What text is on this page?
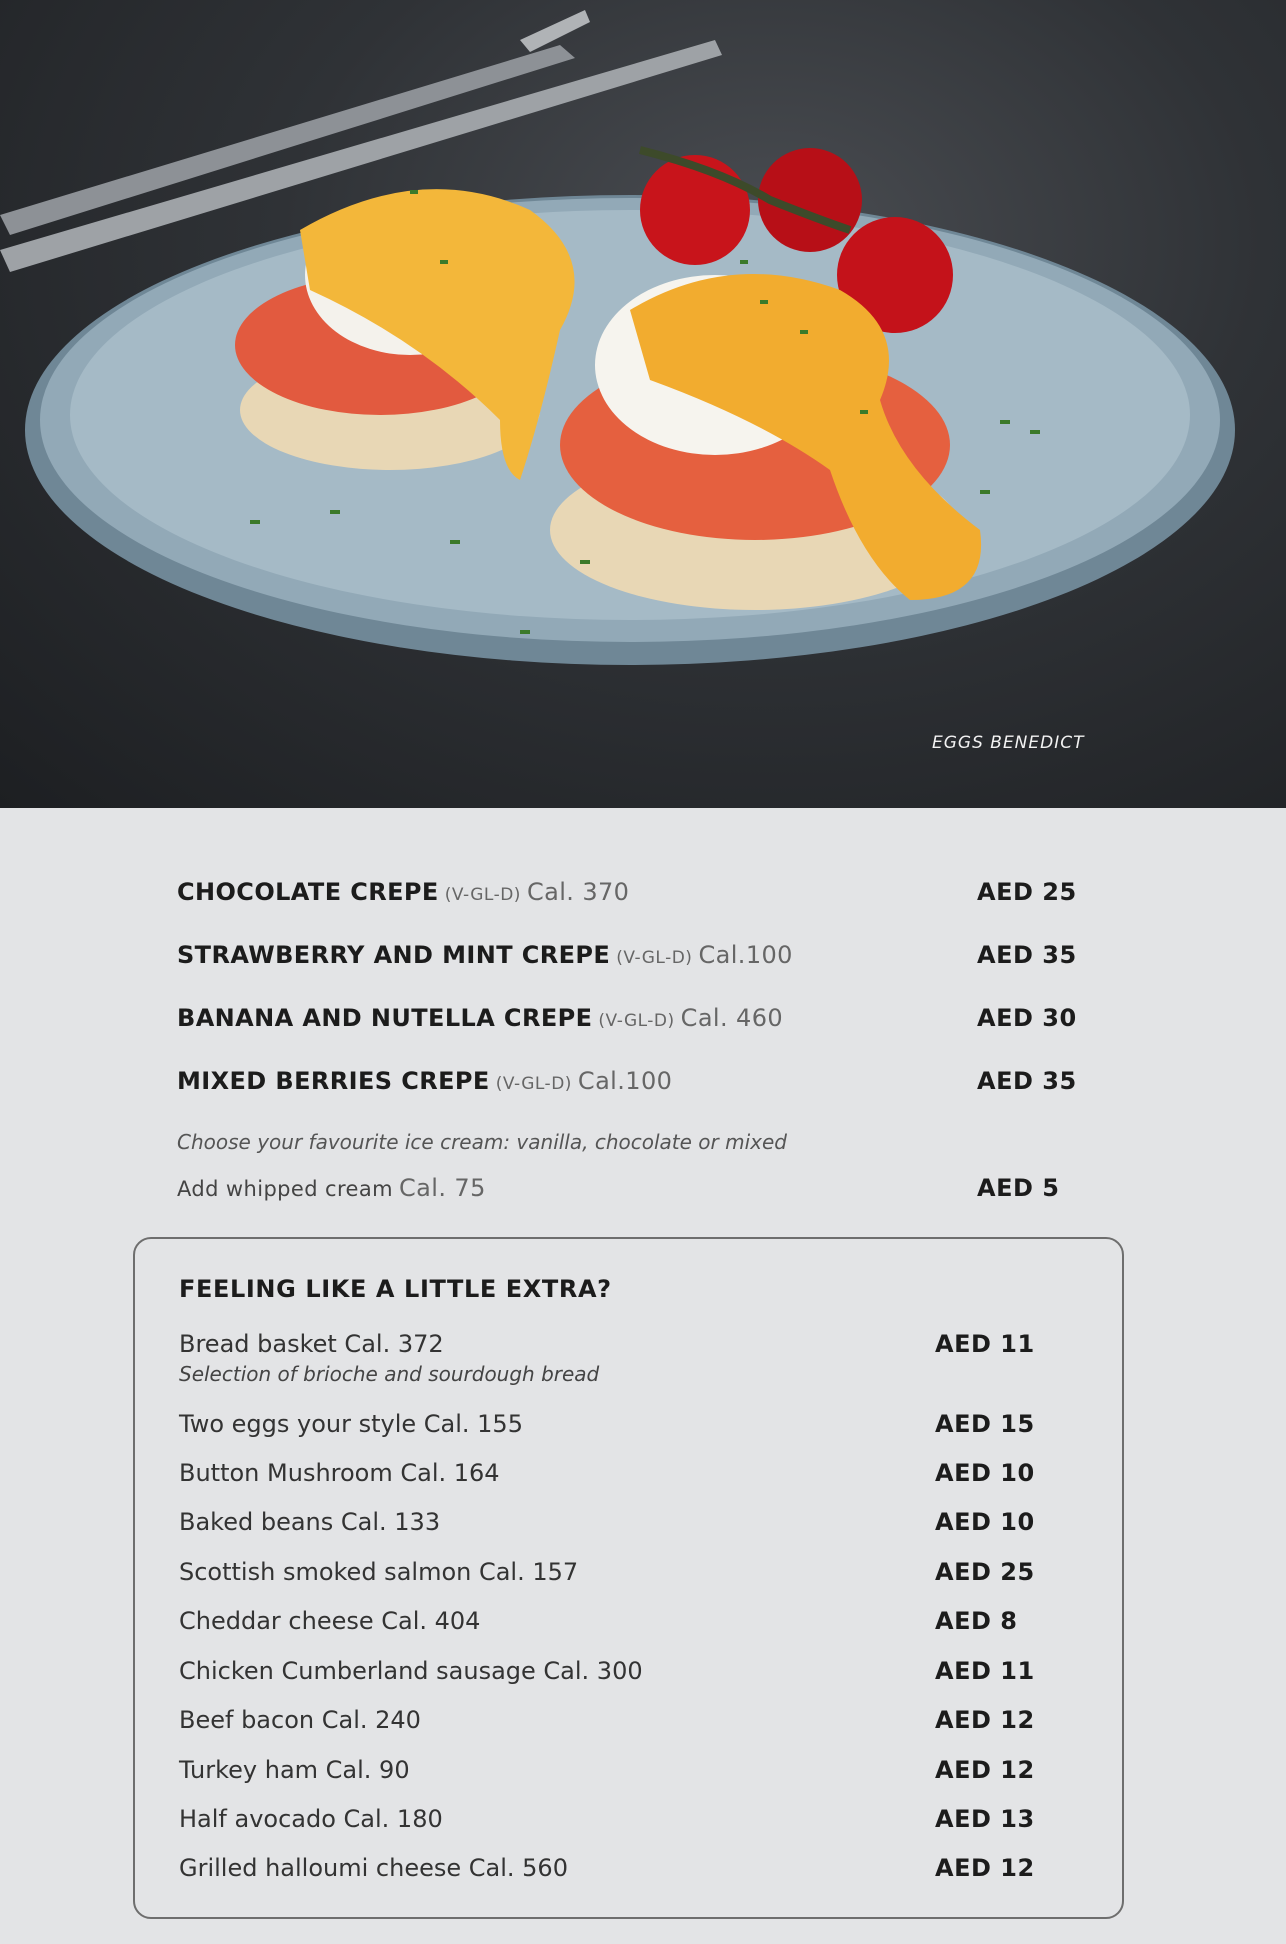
EGGS BENEDICT
CHOCOLATE CREPE (V-GL-D) Cal. 370	AED 25
STRAWBERRY AND MINT CREPE (V-GL-D) Cal.100	AED 35
BANANA AND NUTELLA CREPE (V-GL-D) Cal. 460	AED 30
MIXED BERRIES CREPE (V-GL-D) Cal.100	AED 35
Choose your favourite ice cream: vanilla, chocolate or mixed
Add whipped cream Cal. 75	AED 5
FEELING LIKE A LITTLE EXTRA?
Bread basket Cal. 372	AED 11
Selection of brioche and sourdough bread
Two eggs your style Cal. 155	AED 15
Button Mushroom Cal. 164	AED 10
Baked beans Cal. 133	AED 10
Scottish smoked salmon Cal. 157	AED 25
Cheddar cheese Cal. 404	AED 8
Chicken Cumberland sausage Cal. 300	AED 11
Beef bacon Cal. 240	AED 12
Turkey ham Cal. 90	AED 12
Half avocado Cal. 180	AED 13
Grilled halloumi cheese Cal. 560	AED 12
